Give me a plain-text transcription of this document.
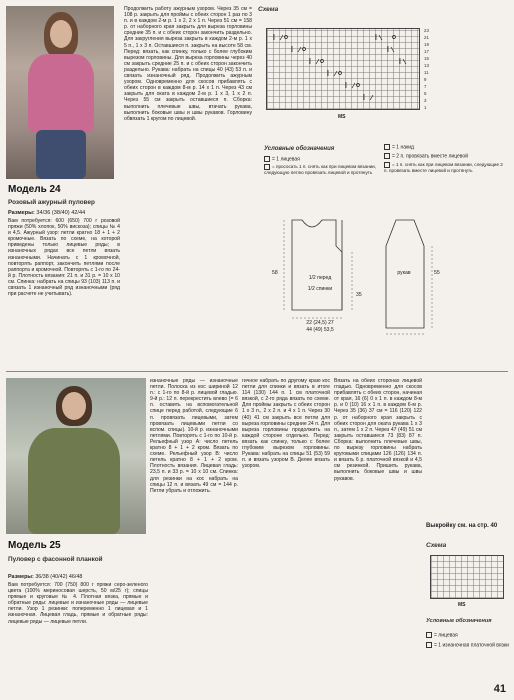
Модель 24
Розовый ажурный пуловер
Размеры: 34/36 (38/40) 42/44
Вам потребуется: 600 (650) 700 г розовой пряжи (50% хлопок, 50% вискоза); спицы № 4 и 4,5. Ажурный узор: петли кратно 18 + 1 + 2 кромочные. Вязать по схеме, на которой приведены только лицевые ряды; в изнаночных рядах все петли вязать изнаночными. Начинать с 1 кромочной, повторять раппорт, закончить петлями после раппорта и кромочной. Повторять с 1-го по 24-й р. Плотность вязания: 21 п. и 31 р. = 10 x 10 см. Спинка: набрать на спицы 93 (103) 113 п. и связать 1 изнаночный ряд изнаночными (ряд при расчете не учитывать).
Продолжить работу ажурным узором. Через 35 см = 108 р. закрыть для проймы с обеих сторон 1 раз по 3 п. и в каждом 2-м р. 1 x 2, 2 x 1 п. Через 51 см = 158 р. от наборного края закрыть для выреза горловины средние 35 п. и с обеих сторон закончить раздельно. Для закругления выреза закрыть в каждом 2-м р. 1 x 5 п., 1 x 3 п. Оставшиеся п. закрыть на высоте 58 см. Перед: вязать, как спинку, только с более глубоким вырезом горловины. Для выреза горловины через 40 см закрыть средние 25 п. и с обеих сторон закончить раздельно. Рукава: набрать на спицы 40 (43) 53 п. и связать изнаночный ряд. Продолжить ажурным узором. Одновременно для скосов прибавлять с обеих сторон в каждом 8-м р. 14 x 1 п. Через 43 см закрыть для оката в каждом 2-м р. 1 x 3, 1 x 2 п. Через 55 см закрыть оставшиеся п. Сборка: выполнить плечевые швы, втачать рукава, выполнить боковые швы и швы рукавов. Горловину обвязать 1 кругом по лицевой.
Схема
23
21
19
17
15
13
11
9
7
5
3
1
MS
Условные обозначения
= 1 лицевая
= 1 накид
= прососать 1 п. снять как при лицевом вязании, следующую петлю провязать лицевой и протянуть
= 2 п. провязать вместе лицевой
= 1 п. снять как при лицевом вязании, следующие 2 п. провязать вместе лицевой и протянуть
1/2 перед
1/2 спинки
рукав
22 (24,5) 27
44 (49) 53,5
55
58
35
Модель 25
Пуловер с фасонной планкой
Размеры: 36/38 (40/42) 46/48
Вам потребуется: 700 (750) 800 г пряжи серо-зеленого цвета (100% мериносовая шерсть, 50 м/25 г); спицы прямые и круговые № 4. Плотная вязка, прямые и обратные ряды: лицевые и изнаночные ряды — лицевые петли. Узор 1 резинки: попеременно 1 лицевая и 1 изнаночная. Лицевая гладь, прямые и обратные ряды: лицевые ряды — лицевые петли.
изнаночные ряды — изнаночные петли. Полоска из кос шириной 12 п.: с 1-го по 8-й р. лицевой гладью. 9-й р.: 12 п. перекрестить влево (= 6 п. оставить на вспомогательной спице перед работой, следующие 6 п. провязать лицевыми, затем провязать лицевыми петли со вспом. спицы). 10-й р. изнаночными петлями. Повторять с 1-го по 10-й р. Рельефный узор А: число петель кратно 8 + 1 + 2 кром. Вязать по схеме. Рельефный узор В: число петель кратно 8 + 1 + 2 кром. Плотность вязания. Лицевая гладь: 23,5 п. и 33 р. = 10 x 10 см. Спинка: для резинки на кос набрать на спицы 12 п. и вязать 49 см = 144 р. Петли убрать и отложить.
гичное набрать по другому краю кос петли для спинки и вязать в итоге 114 (130) 144 п. 1 см платочной вязкой, с 2-го ряда вязать по схеме. Для проймы закрыть с обеих сторон 1 x 3 п., 2 x 2 п. и 4 x 1 п. Через 30 (40) 41 см закрыть все петли для выреза горловины средние 24 п. Для выреза горловины продолжить на каждой стороне отдельно. Перед: вязать как спинку, только с более глубоким вырезом горловины. Рукава: набрать на спицы 51 (53) 59 п. и вязать узором В. Делее вязать узором.
Вязать на обеих сторонах лицевой гладью. Одновременно для скосов прибавлять с обеих сторон, начиная от края, 16 (6) 0 x 1 п. в каждом 8-м р. и 0 (10) 16 x 1 п. в каждом 6-м р. Через 35 (36) 37 см = 116 (120) 122 р. от наборного края закрыть с обеих сторон для оката рукава 1 x 3 п., затем 1 x 2 п. Через 47 (49) 51 см закрыть оставшиеся 73 (83) 87 п. Сборка: выполнить плечевые швы, по вырезу горловины набрать круговыми спицами 126 (126) 134 п. и вязать 6 р. платочной вязкой и 4,5 см резинкой. Пришить рукава, выполнить боковые швы и швы рукавов.
Выкройку см. на стр. 40
Схема
MS
Условные обозначения
= лицевая
= 1 изнаночная платочной вязки
41
